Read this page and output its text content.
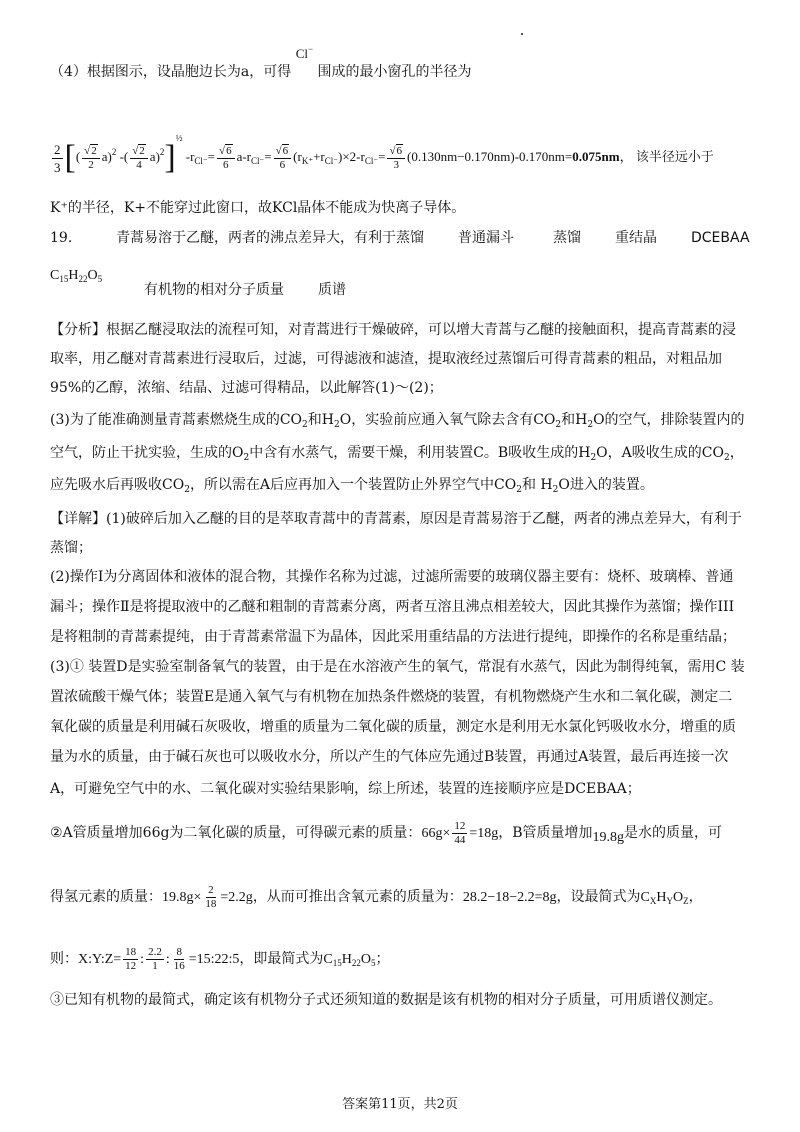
（4）根据图示，设晶胞边长为a，可得 Cl− 围成的最小窗孔的半径为
$\frac{2}{3}$ [( $\frac{√2}{2} a)^2$ -( $\frac{√2}{4} a)^2]^{\frac{1}{2}}$ $-r_{Cl^-}= \frac{√6}{6} a-r_{Cl^-}= \frac{√6}{6} (r_{K^+}+r_{Cl^-})\times 2-r_{Cl^-}= \frac{√6}{3} (0.130nm-0.170nm)-0.170nm=0.075nm$， 该半径远小于
K⁺的半径，K+不能穿过此窗口，故KCl晶体不能成为快离子导体。
19.	青蒿易溶于乙醚，两者的沸点差异大，有利于蒸馏 普通漏斗	蒸馏 重结晶 DCEBAA
$C_{15}H_{22}O_5$
有机物的相对分子质量 质谱
【分析】根据乙醚浸取法的流程可知，对青蒿进行干燥破碎，可以增大青蒿与乙醚的接触面积，提高青蒿素的浸
取率，用乙醚对青蒿素进行浸取后，过滤，可得滤液和滤渣，提取液经过蒸馏后可得青蒿素的粗品，对粗品加
95%的乙醇，浓缩、结晶、过滤可得精品，以此解答(1)～(2)；
(3)为了能准确测量青蒿素燃烧生成的$CO_2$和$H_2O$，实验前应通入氧气除去含有$CO_2$和$H_2O$的空气，排除装置内的
空气，防止干扰实验，生成的$O_2$中含有水蒸气，需要干燥，利用装置C。B吸收生成的$H_2O$，A吸收生成的$CO_2$，
应先吸水后再吸收$CO_2$，所以需在A后应再加入一个装置防止外界空气中$CO_2$和 $H_2O$进入的装置。
【详解】(1)破碎后加入乙醚的目的是萃取青蒿中的青蒿素，原因是青蒿易溶于乙醚，两者的沸点差异大，有利于
蒸馏；
(2)操作Ⅰ为分离固体和液体的混合物，其操作名称为过滤，过滤所需要的玻璃仪器主要有：烧杯、玻璃棒、普通
漏斗；操作Ⅱ是将提取液中的乙醚和粗制的青蒿素分离，两者互溶且沸点相差较大，因此其操作为蒸馏；操作III
是将粗制的青蒿素提纯，由于青蒿素常温下为晶体，因此采用重结晶的方法进行提纯，即操作的名称是重结晶；
(3)① 装置D是实验室制备氧气的装置，由于是在水溶液产生的氧气，常混有水蒸气，因此为制得纯氧，需用C 装
置浓硫酸干燥气体；装置E是通入氧气与有机物在加热条件燃烧的装置，有机物燃烧产生水和二氧化碳，测定二
氧化碳的质量是利用碱石灰吸收，增重的质量为二氧化碳的质量，测定水是利用无水氯化钙吸收水分，增重的质
量为水的质量，由于碱石灰也可以吸收水分，所以产生的气体应先通过B装置，再通过A装置，最后再连接一次
A，可避免空气中的水、二氧化碳对实验结果影响，综上所述，装置的连接顺序应是DCEBAA；
②A管质量增加66g为二氧化碳的质量，可得碳元素的质量：$66g\times \frac{12}{44} =18g$，B管质量增加19.8g是水的质量，可
得氢元素的质量：$19.8g\times \frac{2}{18} =2.2g$，从而可推出含氧元素的质量为：28.2−18−2.2=8g，设最简式为$C_XH_YO_Z$，
则：X:Y:Z= $\frac{18}{12}$ : $\frac{2.2}{1}$ : $\frac{8}{16}$ =15:22:5，即最简式为$C_{15}H_{22}O_5$；
③已知有机物的最简式，确定该有机物分子式还须知道的数据是该有机物的相对分子质量，可用质谱仪测定。
答案第11页，共2页
